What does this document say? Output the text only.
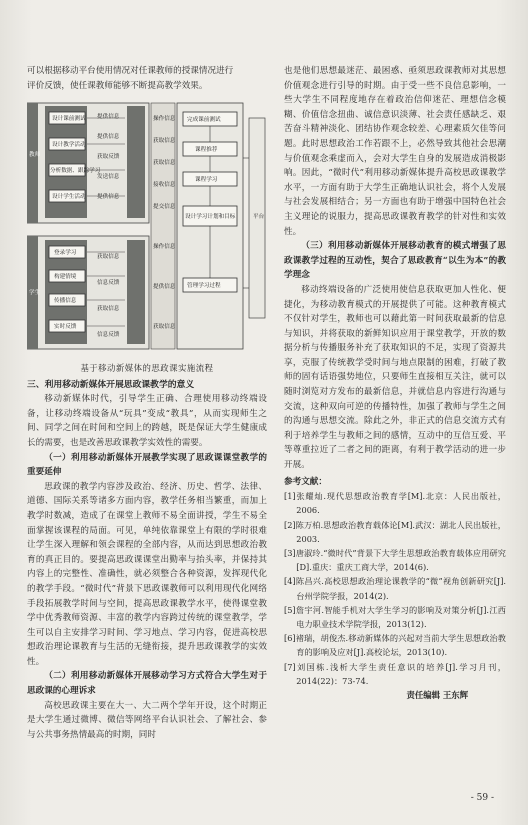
可以根据移动平台使用情况对任课教师的授课情况进行
评价反馈，使任课教师能够不断提高教学效果。
教师
设计课前测试
设计教学活动
分析数据、跟踪学习
设计学生活动
提供信息
提供信息
获取反馈
发送信息
提供信息
操作信息
获取信息
获取信息
接收信息
提交信息
操作信息
提供信息
获取信息
完成课前测试
课程推荐
课程学习
设计学习计划和目标
管理学习过程
平台
学生
登录学习
构建情境
传播信息
实时反馈
获取信息
信息反馈
获取信息
信息反馈
基于移动新媒体的思政课实施流程
三、利用移动新媒体开展思政课教学的意义

移动新媒体时代，引导学生正确、合理使用移动终端设备，让移动终端设备从“玩具”变成“教具”，从而实现师生之间、同学之间在时间和空间上的跨越，既是保证大学生健康成长的需要，也是改善思政课教学实效性的需要。

（一）利用移动新媒体开展教学实现了思政课课堂教学的重要延伸

思政课的教学内容涉及政治、经济、历史、哲学、法律、道德、国际关系等诸多方面内容，教学任务相当繁重，而加上教学时数减，造成了在课堂上教师不易全面讲授，学生不易全面掌握该课程的局面。可见，单纯依靠课堂上有限的学时很难让学生深入理解和领会课程的全部内容，从而达到思想政治教育的真正目的。要提高思政课课堂出勤率与抬头率，并保持其内容上的完整性、准确性，就必须整合各种资源，发挥现代化的教学手段。“微时代”背景下思政课教师可以利用现代化网络手段拓展教学时间与空间，提高思政课教学水平，使得课堂教学中优秀教师资源、丰富的教学内容跨过传统的课堂教学，学生可以自主安排学习时间、学习地点、学习内容，促进高校思想政治理论课教育与生活的无缝衔接，提升思政课教学的实效性。

（二）利用移动新媒体开展移动学习方式符合大学生对于思政课的心理诉求

高校思政课主要在大一、大二两个学年开设，这个时期正是大学生通过微博、微信等网络平台认识社会、了解社会、参与公共事务热情最高的时期，同时

也是他们思想最迷茫、最困惑、亟须思政课教师对其思想价值观念进行引导的时期。由于受一些不良信息影响，一些大学生不同程度地存在着政治信仰迷茫、理想信念模糊、价值信念扭曲、诚信意识淡薄、社会责任感缺乏、艰苦奋斗精神淡化、团结协作观念较差、心理素质欠佳等问题。此时思想政治工作若跟不上，必然导致其他社会思潮与价值观念乘虚而入，会对大学生自身的发展造成消极影响。因此，“微时代”利用移动新媒体提升高校思政课教学水平，一方面有助于大学生正确地认识社会，将个人发展与社会发展相结合；另一方面也有助于增强中国特色社会主义理论的说服力，提高思政课教育教学的针对性和实效性。

（三）利用移动新媒体开展移动教育的模式增强了思政课教学过程的互动性，契合了思政教育“以生为本”的教学理念

移动终端设备的广泛使用使信息获取更加人性化、便捷化，为移动教育模式的开展提供了可能。这种教育模式不仅针对学生，教师也可以藉此第一时间获取最新的信息与知识，并将获取的新鲜知识应用于课堂教学，开放的数据分析与传播服务补充了获取知识的不足，实现了资源共享，克服了传统教学受时间与地点限制的困难，打破了教师的固有话语强势地位，只要师生直接相互关注，就可以随时浏览对方发布的最新信息，并就信息内容进行沟通与交流，这种双向可逆的传播特性，加强了教师与学生之间的沟通与思想交流。除此之外，非正式的信息交流方式有利于培养学生与教师之间的感情，互动中的互信互爱、平等尊重拉近了二者之间的距离，有利于教学活动的进一步开展。

参考文献：
[1]张耀灿.现代思想政治教育学[M].北京：人民出版社，2006.
[2]陈万柏.思想政治教育载体论[M].武汉：湖北人民出版社，2003.
[3]唐淑玲.“微时代”背景下大学生思想政治教育载体应用研究[D].重庆：重庆工商大学，2014(6).
[4]陈昌兴.高校思想政治理论课教学的“微”视角创新研究[J].台州学院学报，2014(2).
[5]詹宇河.智能手机对大学生学习的影响及对策分析[J].江西电力职业技术学院学报，2013(12).
[6]褚瑞，胡俊杰.移动新媒体的兴起对当前大学生思想政治教育的影响及应对[J].高校论坛，2013(10).
[7]刘国栋.浅析大学生责任意识的培养[J].学习月刊，2014(22)：73-74.
责任编辑 王东辉
- 59 -
